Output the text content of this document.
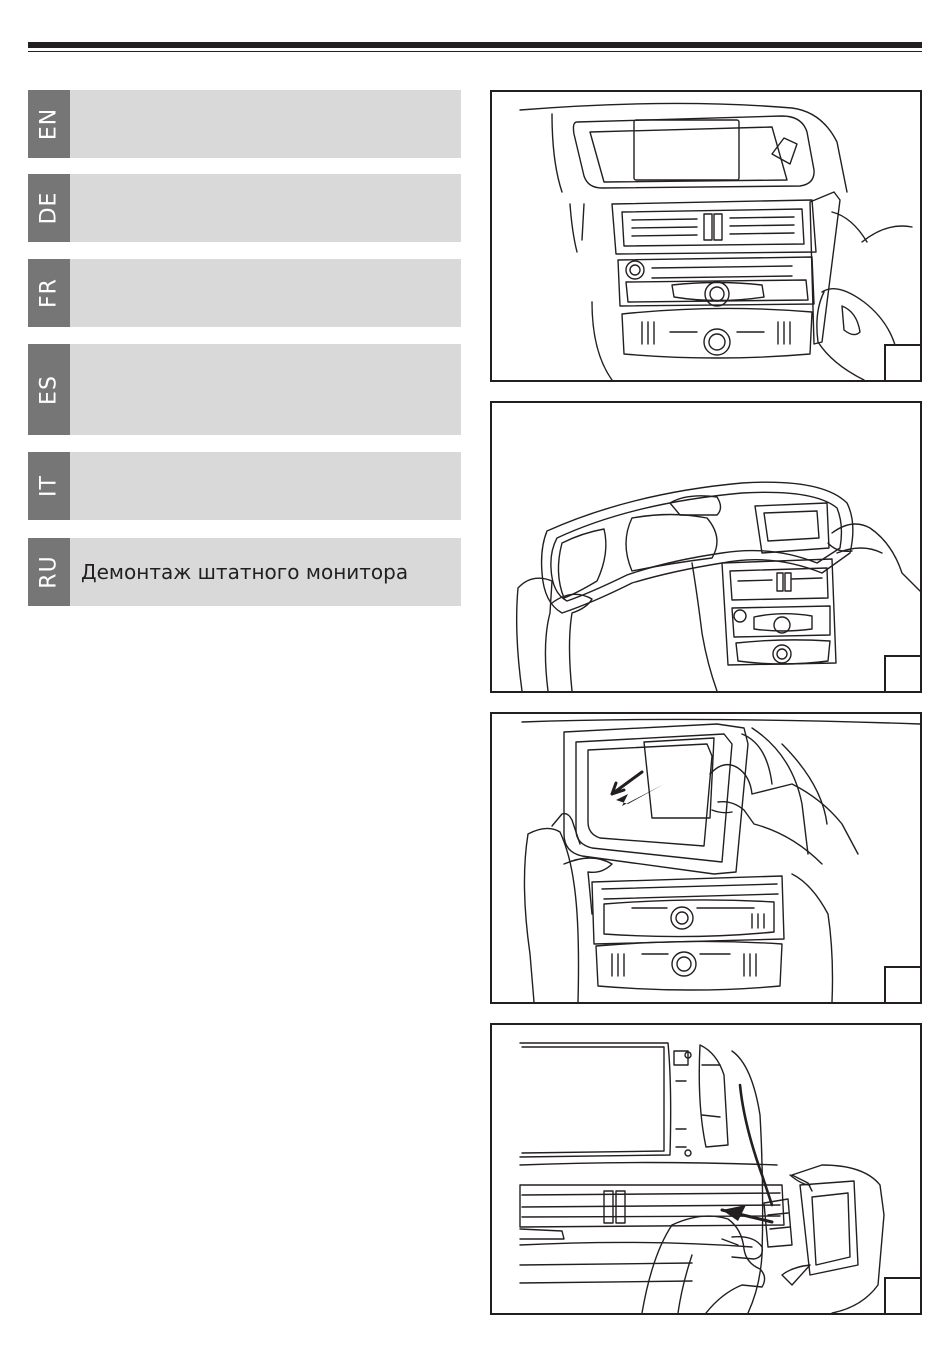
EN
DE
FR
ES
IT
RU Демонтаж штатного монитора
